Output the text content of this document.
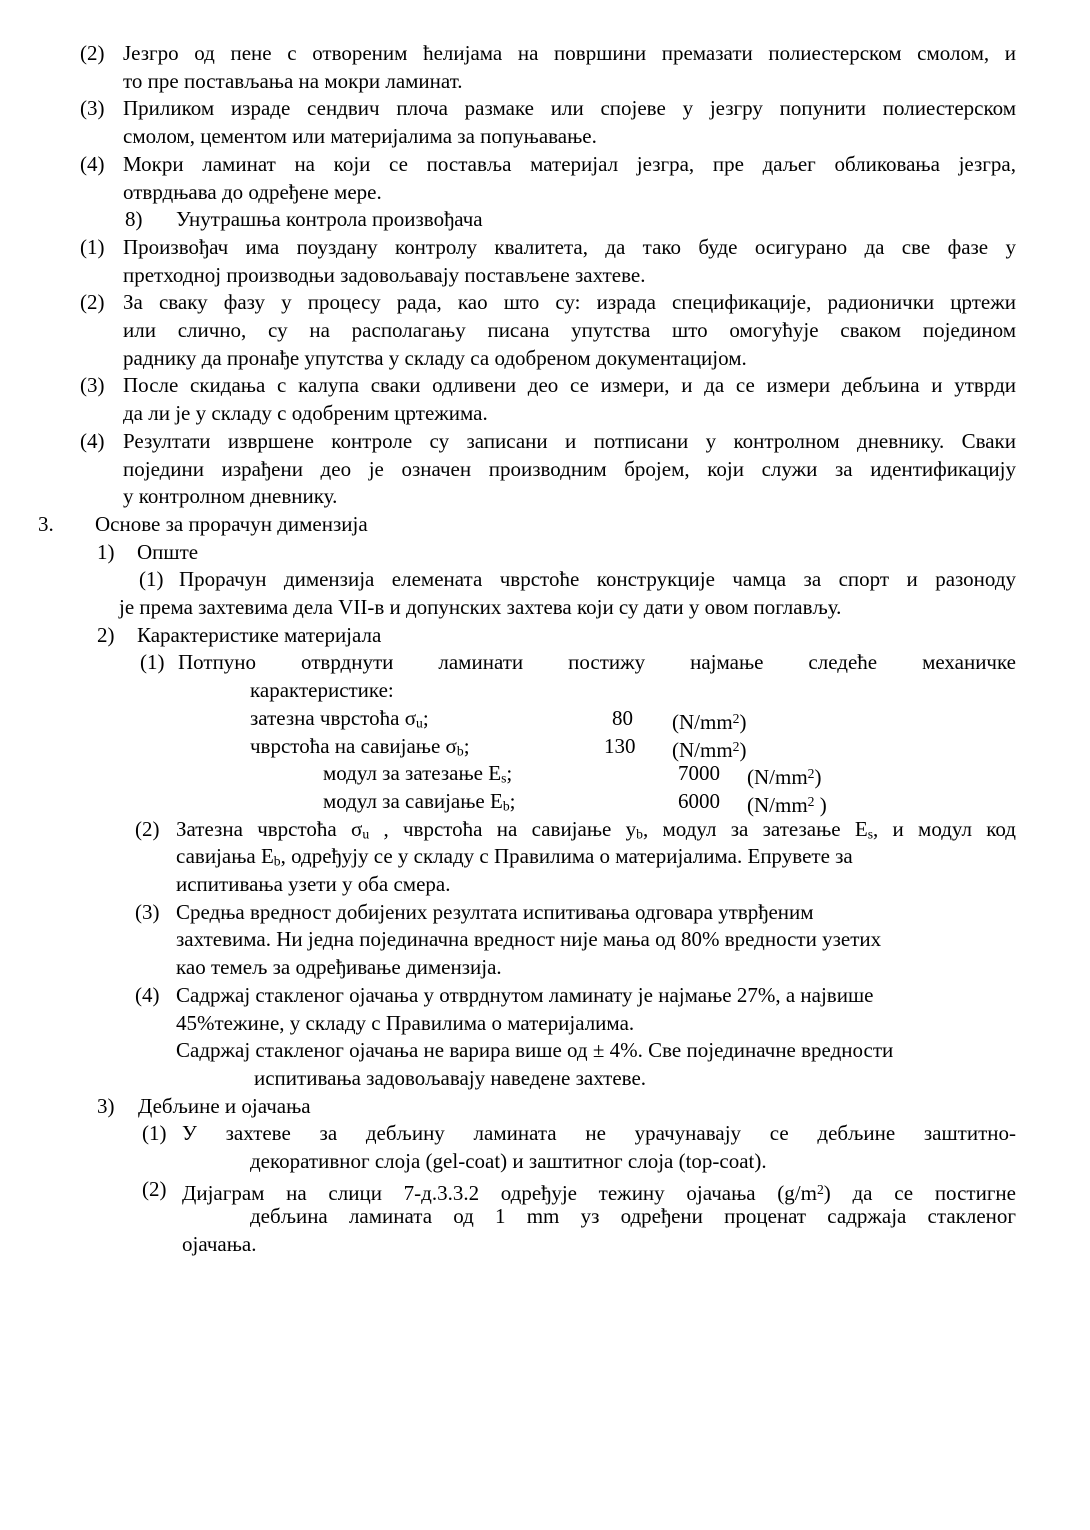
(2) Језгро од пене с отвореним ћелијама на површини премазати полиестерском смолом, и
то пре постављања на мокри ламинат.
(3) Приликом израде сендвич плоча размаке или спојеве у језгру попунити полиестерском
смолом, цементом или материјалима за попуњавање.
(4) Мокри ламинат на који се поставља материјал језгра, пре даљег обликовања језгра,
отврдњава до одређене мере.
8) Унутрашња контрола произвођача
(1) Произвођач има поуздану контролу квалитета, да тако буде осигурано да све фазе у
претходној производњи задовољавају постављене захтеве.
(2) За сваку фазу у процесу рада, као што су: израда спецификације, радионички цртежи
или слично, су на располагању писана упутства што омогућује сваком поједином
раднику да пронађе упутства у складу са одобреном документацијом.
(3) После скидања с калупа сваки одливени део се измери, и да се измери дебљина и утврди
да ли је у складу с одобреним цртежима.
(4) Резултати извршене контроле су записани и потписани у контролном дневнику. Сваки
поједини израђени део је означен производним бројем, који служи за идентификацију
у контролном дневнику.
3. Основе за прорачун димензија
1) Опште
(1) Прорачун димензија елемената чврстоће конструкције чамца за спорт и разоноду
је према захтевима дела VII-в и допунских захтева који су дати у овом поглављу.
2) Карактеристике материјала
(1) Потпуно отврднути ламинати постижу најмање следеће механичке
карактеристике:
затезна чврстоћа σu;	80 $(N/mm^2)$
чврстоћа на савијање σb;	130 $(N/mm^2)$
модул за затезање Es;	7000 $(N/mm^2)$
модул за савијање Eb;	6000 ($N/mm^2$ )
(2) Затезна чврстоћа σu , чврстоћа на савијање уb, модул за затезање Es, и модул код
савијања Еb, одређују се у складу с Правилима о материјалима. Епрувете за
испитивања узети у оба смера.
(3) Средња вредност добијених резултата испитивања одговара утврђеним
захтевима. Ни једна појединачна вредност није мања од 80% вредности узетих
као темељ за одређивање димензија.
(4) Садржај стакленог ојачања у отврднутом ламинату је најмање 27%, а највише
45%тежине, у складу с Правилима о материјалима.
Садржај стакленог ојачања не варира више од ± 4%. Све појединачне вредности
испитивања задовољавају наведене захтеве.
3) Дебљине и ојачања
(1) У захтеве за дебљину ламината не урачунавају се дебљине заштитно-
декоративног слоја (gel-coat) и заштитног слоја (top-coat).
(2) Дијаграм на слици 7-д.3.3.2 одређује тежину ојачања $(g/m^2)$ да се постигне
дебљина ламината од 1 mm уз одређени проценат садржаја стакленог
ојачања.
